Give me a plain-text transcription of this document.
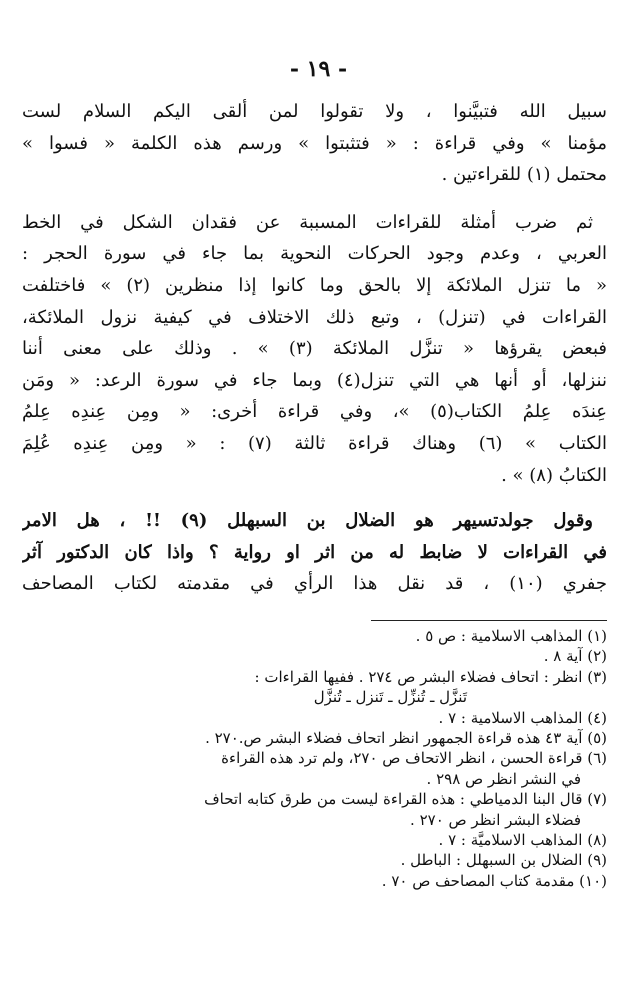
- ١٩ -

سبيل الله فتبيَّنوا ، ولا تقولوا لمن ألقى اليكم السلام لست
مؤمنا » وفي قراءة : « فتثبتوا » ورسم هذه الكلمة « فسوا »
محتمل (١) للقراءتين .

ثم ضرب أمثلة للقراءات المسببة عن فقدان الشكل في الخط
العربي ، وعدم وجود الحركات النحوية بما جاء في سورة الحجر :
« ما تنزل الملائكة إلا بالحق وما كانوا إذا منظرين (٢) » فاختلفت
القراءات في (تنزل) ، وتبع ذلك الاختلاف في كيفية نزول الملائكة،
فبعض يقرؤها « تنزَّل الملائكة (٣) » . وذلك على معنى أننا
ننزلها، أو أنها هي التي تنزل(٤) وبما جاء في سورة الرعد: « ومَن
عِندَه عِلمُ الكتاب(٥) »، وفي قراءة أخرى: « ومِن عِندِه عِلمُ
الكتاب » (٦) وهناك قراءة ثالثة (٧) : « ومِن عِندِه عُلِمَ
الكتابُ (٨) » .

وقول جولدتسيهر هو الضلال بن السبهلل (٩) !! ، هل الامر
في القراءات لا ضابط له من اثر او رواية ؟ واذا كان الدكتور آثر
جفري (١٠) ، قد نقل هذا الرأي في مقدمته لكتاب المصاحف

(١) المذاهب الاسلامية : ص ٥ .
(٢) آية ٨ .
(٣) انظر : اتحاف فضلاء البشر ص ٢٧٤ . ففيها القراءات :
تَنزَّل ـ تُنزِّل ـ تَنزل ـ تُنزَّل
(٤) المذاهب الاسلامية : ٧ .
(٥) آية ٤٣ هذه قراءة الجمهور انظر اتحاف فضلاء البشر ص.٢٧٠ .
(٦) قراءة الحسن ، انظر الاتحاف ص ٢٧٠، ولم ترد هذه القراءة
في النشر انظر ص ٢٩٨ .
(٧) قال البنا الدمياطي : هذه القراءة ليست من طرق كتابه اتحاف
فضلاء البشر انظر ص ٢٧٠ .
(٨) المذاهب الاسلاميَّة : ٧ .
(٩) الضلال بن السبهلل : الباطل .
(١٠) مقدمة كتاب المصاحف ص ٧٠ .
